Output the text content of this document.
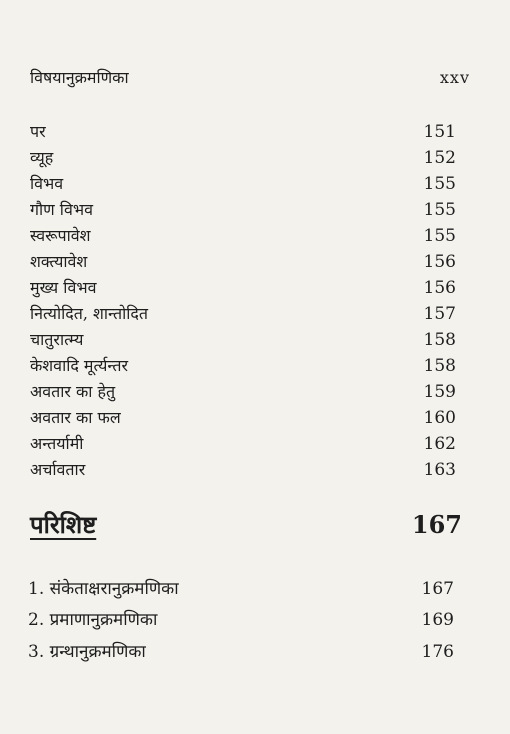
विषयानुक्रमणिका	xxv
पर	151
व्यूह	152
विभव	155
गौण विभव	155
स्वरूपावेश	155
शक्त्यावेश	156
मुख्य विभव	156
नित्योदित, शान्तोदित	157
चातुरात्म्य	158
केशवादि मूर्त्यन्तर	158
अवतार का हेतु	159
अवतार का फल	160
अन्तर्यामी	162
अर्चावतार	163
परिशिष्ट	167
1. संकेताक्षरानुक्रमणिका	167
2. प्रमाणानुक्रमणिका	169
3. ग्रन्थानुक्रमणिका	176
